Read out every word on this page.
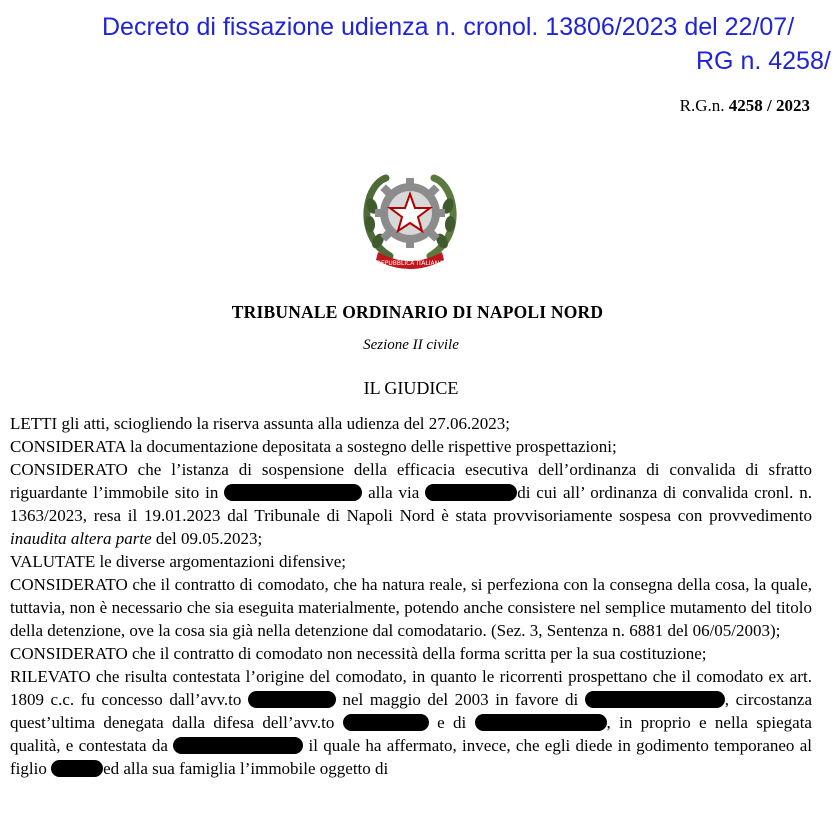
Decreto di fissazione udienza n. cronol. 13806/2023 del 22/07/
RG n. 4258/
R.G.n. 4258 / 2023
REPUBBLICA ITALIANA
TRIBUNALE ORDINARIO DI NAPOLI NORD
Sezione II civile
IL GIUDICE

LETTI gli atti, sciogliendo la riserva assunta alla udienza del 27.06.2023;

CONSIDERATA la documentazione depositata a sostegno delle rispettive prospettazioni;

CONSIDERATO che l’istanza di sospensione della efficacia esecutiva dell’ordinanza di convalida di sfratto riguardante l’immobile sito in	alla via	di cui all’ ordinanza di convalida cronl. n. 1363/2023, resa il 19.01.2023 dal Tribunale di Napoli Nord è stata provvisoriamente sospesa con provvedimento inaudita altera parte del 09.05.2023;

VALUTATE le diverse argomentazioni difensive;

CONSIDERATO che il contratto di comodato, che ha natura reale, si perfeziona con la consegna della cosa, la quale, tuttavia, non è necessario che sia eseguita materialmente, potendo anche consistere nel semplice mutamento del titolo della detenzione, ove la cosa sia già nella detenzione dal comodatario. (Sez. 3, Sentenza n. 6881 del 06/05/2003);

CONSIDERATO che il contratto di comodato non necessità della forma scritta per la sua costituzione;

RILEVATO che risulta contestata l’origine del comodato, in quanto le ricorrenti prospettano che il comodato ex art. 1809 c.c. fu concesso dall’avv.to	nel maggio del 2003 in favore di	, circostanza quest’ultima denegata dalla difesa dell’avv.to	e di	, in proprio e nella spiegata qualità, e contestata da	il quale ha affermato, invece, che egli diede in godimento temporaneo al figlio	ed alla sua famiglia l’immobile oggetto di
